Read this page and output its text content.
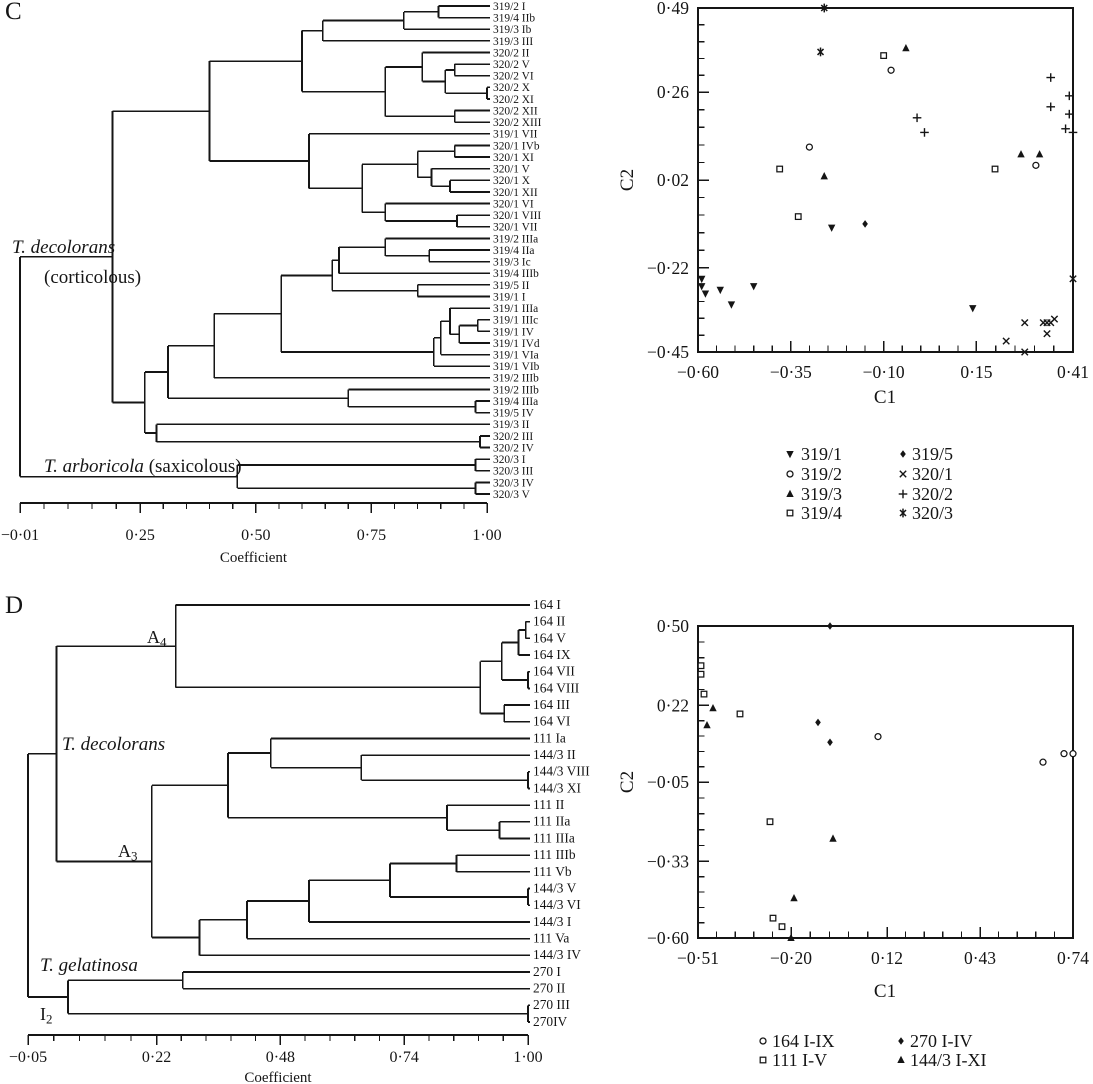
C
D
319/2 I
319/4 IIb
319/3 Ib
319/3 III
320/2 II
320/2 V
320/2 VI
320/2 X
320/2 XI
320/2 XII
320/2 XIII
319/1 VII
320/1 IVb
320/1 XI
320/1 V
320/1 X
320/1 XII
320/1 VI
320/1 VIII
320/1 VII
319/2 IIIa
319/4 IIa
319/3 Ic
319/4 IIIb
319/5 II
319/1 I
319/1 IIIa
319/1 IIIc
319/1 IV
319/1 IVd
319/1 VIa
319/1 VIb
319/2 IIIb
319/2 IIIb
319/4 IIIa
319/5 IV
319/3 II
320/2 III
320/2 IV
320/3 I
320/3 III
320/3 IV
320/3 V
−0·01	0·25	0·50	0·75	1·00
Coefficient
T. decolorans
(corticolous)
T. arboricola (saxicolous)
−0·60	−0·35	−0·10	0·15	0·41
0·49
0·26
0·02
−0·22
−0·45
C1
C2
319/1
319/2
319/3
319/4
319/5
320/1
320/2
320/3
164 I
164 II
164 V
164 IX
164 VII
164 VIII
164 III
164 VI
111 Ia
144/3 II
144/3 VIII
144/3 XI
111 II
111 IIa
111 IIIa
111 IIIb
111 Vb
144/3 V
144/3 VI
144/3 I
111 Va
144/3 IV
270 I
270 II
270 III
270IV
−0·05	0·22	0·48	0·74	1·00
Coefficient
A4
T. decolorans
A3
T. gelatinosa
I2
−0·51	−0·20	0·12	0·43	0·74
0·50
0·22
−0·05
−0·33
−0·60
C1
C2
164 I-IX
111 I-V
270 I-IV
144/3 I-XI
